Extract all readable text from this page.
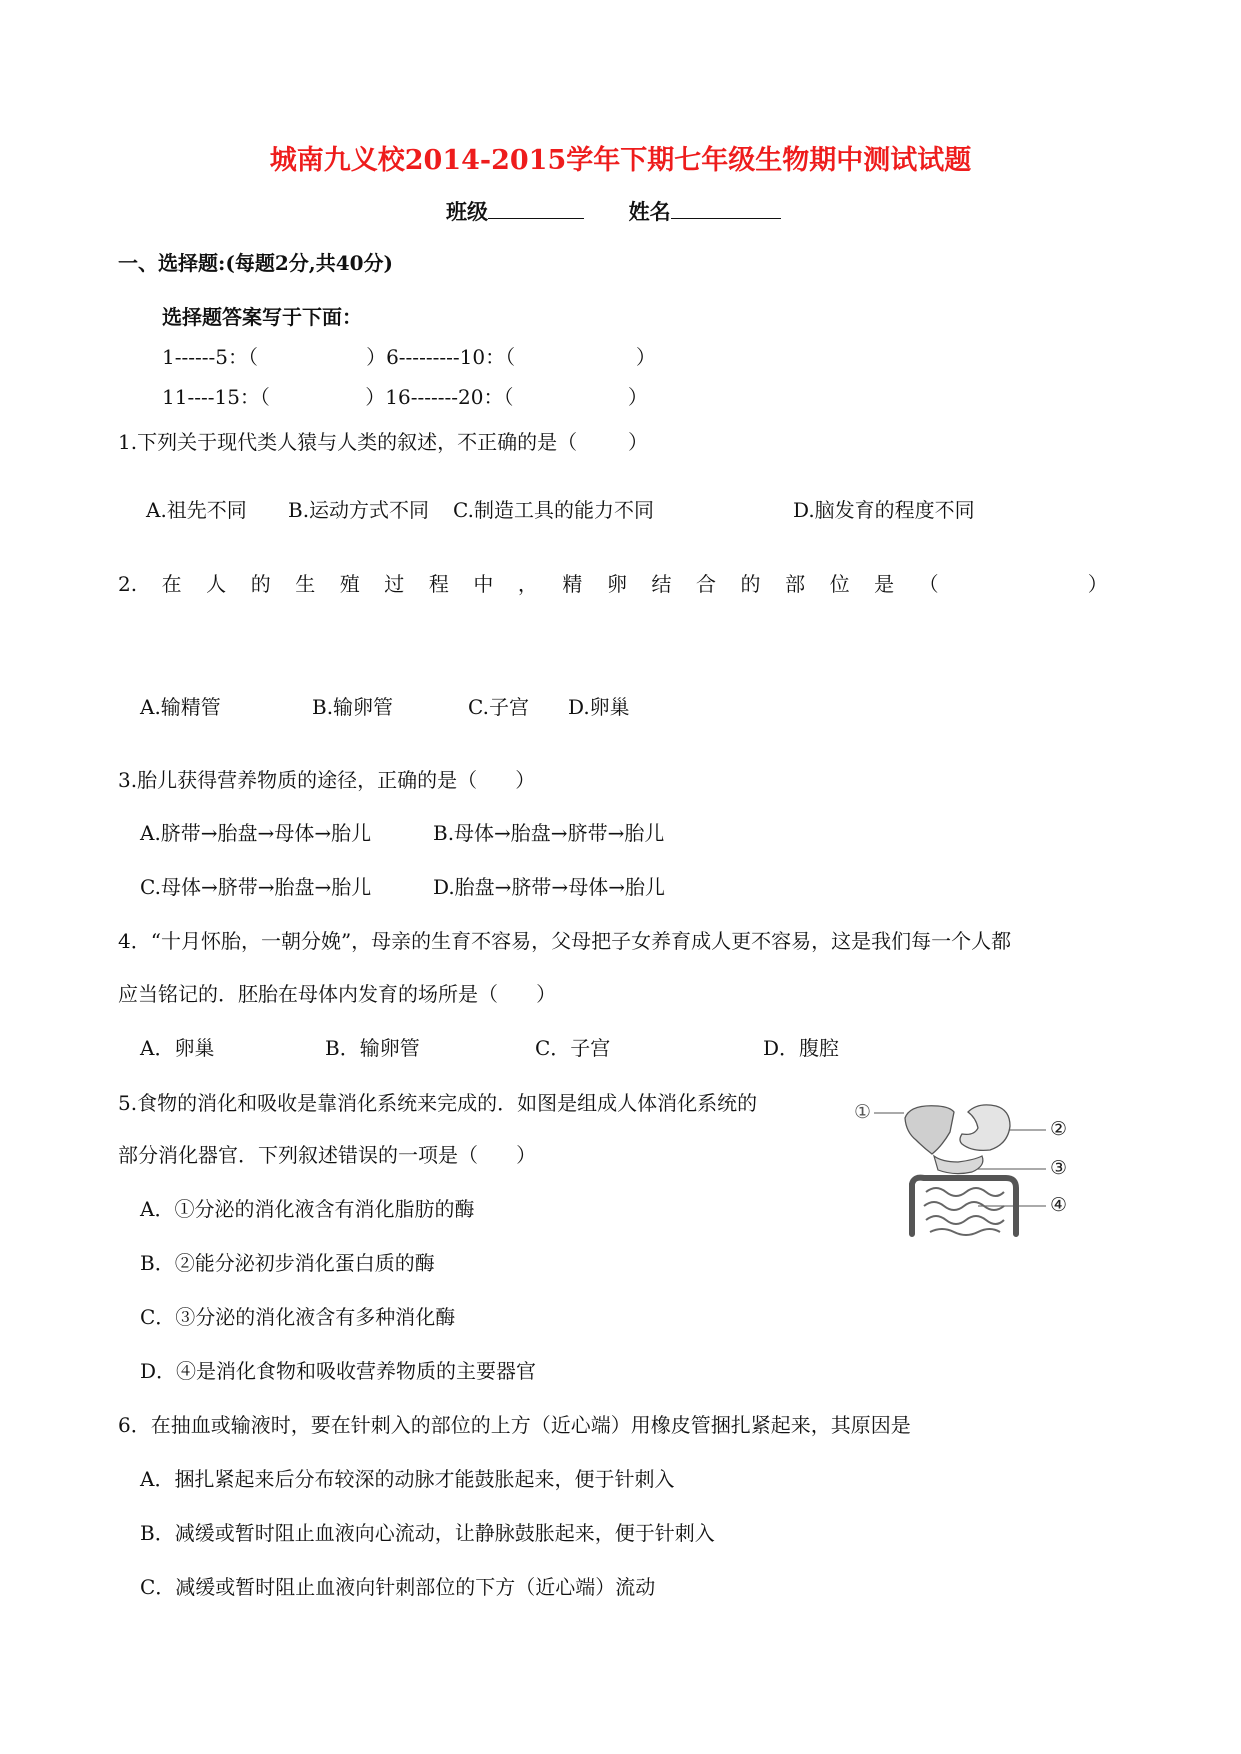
城南九义校2014-2015学年下期七年级生物期中测试试题
班级	姓名
一、选择题:(每题2分,共40分)
选择题答案写于下面：
1------5：（                 ）6---------10：（                   ）
11----15：（               ）16-------20：（                  ）
1.下列关于现代类人猿与人类的叙述，不正确的是（        ）
A.祖先不同 B.运动方式不同 C.制造工具的能力不同	D.脑发育的程度不同
2. 在 人 的 生 殖 过 程 中 ， 精 卵 结 合 的 部 位 是 （	）
A.输精管	B.输卵管	C.子宫 D.卵巢
3.胎儿获得营养物质的途径，正确的是（      ）
A.脐带→胎盘→母体→胎儿	B.母体→胎盘→脐带→胎儿
C.母体→脐带→胎盘→胎儿	D.胎盘→脐带→母体→胎儿
4．“十月怀胎，一朝分娩”，母亲的生育不容易，父母把子女养育成人更不容易，这是我们每一个人都
应当铭记的．胚胎在母体内发育的场所是（      ）
A．卵巢	B．输卵管	C．子宫	D．腹腔
5.食物的消化和吸收是靠消化系统来完成的．如图是组成人体消化系统的
部分消化器官．下列叙述错误的一项是（      ）
A．①分泌的消化液含有消化脂肪的酶
B．②能分泌初步消化蛋白质的酶
C．③分泌的消化液含有多种消化酶
D．④是消化食物和吸收营养物质的主要器官
①
②
③
④
6．在抽血或输液时，要在针刺入的部位的上方（近心端）用橡皮管捆扎紧起来，其原因是
A．捆扎紧起来后分布较深的动脉才能鼓胀起来，便于针刺入
B．减缓或暂时阻止血液向心流动，让静脉鼓胀起来，便于针刺入
C．减缓或暂时阻止血液向针刺部位的下方（近心端）流动
